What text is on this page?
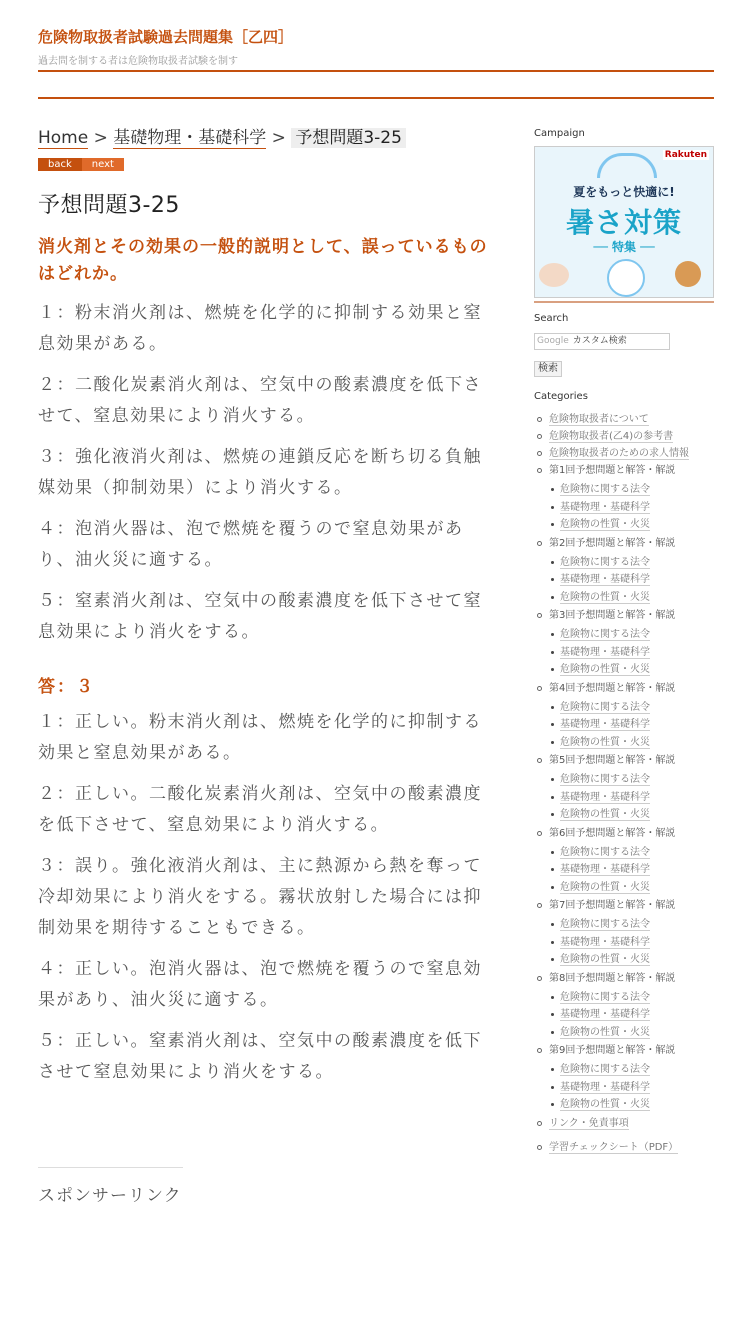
危険物取扱者試験過去問題集［乙四］
過去問を制する者は危険物取扱者試験を制す
Home > 基礎物理・基礎科学 > 予想問題3-25
back	next
予想問題3-25
消火剤とその効果の一般的説明として、誤っているものはどれか。

１：粉末消火剤は、燃焼を化学的に抑制する効果と窒息効果がある。

２：二酸化炭素消火剤は、空気中の酸素濃度を低下させて、窒息効果により消火する。

３：強化液消火剤は、燃焼の連鎖反応を断ち切る負触媒効果（抑制効果）により消火する。

４：泡消火器は、泡で燃焼を覆うので窒息効果があり、油火災に適する。

５：窒素消火剤は、空気中の酸素濃度を低下させて窒息効果により消火をする。

答：３

１：正しい。粉末消火剤は、燃焼を化学的に抑制する効果と窒息効果がある。

２：正しい。二酸化炭素消火剤は、空気中の酸素濃度を低下させて、窒息効果により消火する。

３：誤り。強化液消火剤は、主に熱源から熱を奪って冷却効果により消火をする。霧状放射した場合には抑制効果を期待することもできる。

４：正しい。泡消火器は、泡で燃焼を覆うので窒息効果があり、油火災に適する。

５：正しい。窒素消火剤は、空気中の酸素濃度を低下させて窒息効果により消火をする。

スポンサーリンク
Campaign
Rakuten
夏をもっと快適に!
暑さ対策
── 特集 ──
Search
Google カスタム検索
検索
Categories
危険物取扱者について
危険物取扱者(乙4)の参考書
危険物取扱者のための求人情報
第1回予想問題と解答・解説
危険物に関する法令
基礎物理・基礎科学
危険物の性質・火災
第2回予想問題と解答・解説
危険物に関する法令
基礎物理・基礎科学
危険物の性質・火災
第3回予想問題と解答・解説
危険物に関する法令
基礎物理・基礎科学
危険物の性質・火災
第4回予想問題と解答・解説
危険物に関する法令
基礎物理・基礎科学
危険物の性質・火災
第5回予想問題と解答・解説
危険物に関する法令
基礎物理・基礎科学
危険物の性質・火災
第6回予想問題と解答・解説
危険物に関する法令
基礎物理・基礎科学
危険物の性質・火災
第7回予想問題と解答・解説
危険物に関する法令
基礎物理・基礎科学
危険物の性質・火災
第8回予想問題と解答・解説
危険物に関する法令
基礎物理・基礎科学
危険物の性質・火災
第9回予想問題と解答・解説
危険物に関する法令
基礎物理・基礎科学
危険物の性質・火災
リンク・免責事項
学習チェックシート（PDF）
